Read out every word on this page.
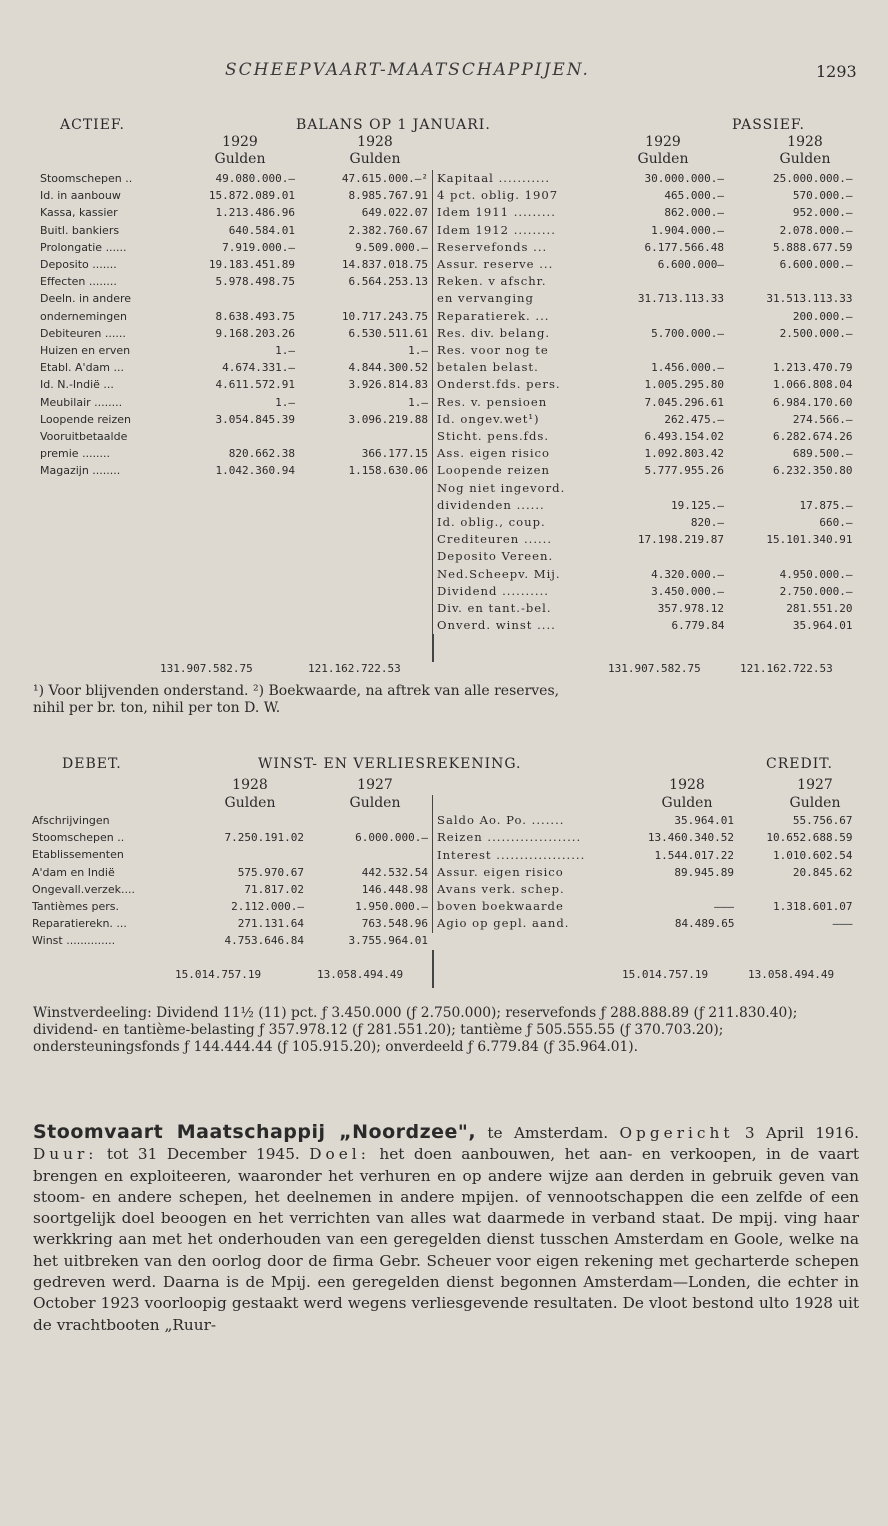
SCHEEPVAART-MAATSCHAPPIJEN.	1293
ACTIEF.	BALANS OP 1 JANUARI.	PASSIEF.
1929
Gulden
1928
Gulden
1929
Gulden
1928
Gulden
Stoomschepen ..	49.080.000.—	47.615.000.—²
Id. in aanbouw	15.872.089.01	8.985.767.91
Kassa, kassier	1.213.486.96	649.022.07
Buitl. bankiers	640.584.01	2.382.760.67
Prolongatie ......	7.919.000.—	9.509.000.—
Deposito .......	19.183.451.89	14.837.018.75
Effecten ........	5.978.498.75	6.564.253.13
Deeln. in andere		
ondernemingen	8.638.493.75	10.717.243.75
Debiteuren ......	9.168.203.26	6.530.511.61
Huizen en erven	1.—	1.—
Etabl. A'dam ...	4.674.331.—	4.844.300.52
Id. N.-Indië ...	4.611.572.91	3.926.814.83
Meubilair ........	1.—	1.—
Loopende reizen	3.054.845.39	3.096.219.88
Vooruitbetaalde		
premie ........	820.662.38	366.177.15
Magazijn ........	1.042.360.94	1.158.630.06
Kapitaal ...........	30.000.000.—	25.000.000.—
4 pct. oblig. 1907	465.000.—	570.000.—
Idem 1911 .........	862.000.—	952.000.—
Idem 1912 .........	1.904.000.—	2.078.000.—
Reservefonds ...	6.177.566.48	5.888.677.59
Assur. reserve ...	6.600.000—	6.600.000.—
Reken. v afschr.		
en vervanging	31.713.113.33	31.513.113.33
Reparatierek. ...		200.000.—
Res. div. belang.	5.700.000.—	2.500.000.—
Res. voor nog te		
betalen belast.	1.456.000.—	1.213.470.79
Onderst.fds. pers.	1.005.295.80	1.066.808.04
Res. v. pensioen	7.045.296.61	6.984.170.60
Id. ongev.wet¹)	262.475.—	274.566.—
Sticht. pens.fds.	6.493.154.02	6.282.674.26
Ass. eigen risico	1.092.803.42	689.500.—
Loopende reizen	5.777.955.26	6.232.350.80
Nog niet ingevord.		
dividenden ......	19.125.—	17.875.—
Id. oblig., coup.	820.—	660.—
Crediteuren ......	17.198.219.87	15.101.340.91
Deposito Vereen.		
Ned.Scheepv. Mij.	4.320.000.—	4.950.000.—
Dividend ..........	3.450.000.—	2.750.000.—
Div. en tant.-bel.	357.978.12	281.551.20
Onverd. winst ....	6.779.84	35.964.01
131.907.582.75	121.162.722.53	131.907.582.75	121.162.722.53
¹) Voor blijvenden onderstand. ²) Boekwaarde, na aftrek van alle reserves,
nihil per br. ton, nihil per ton D. W.
DEBET.	WINST- EN VERLIESREKENING.	CREDIT.
1928
Gulden
1927
Gulden
1928
Gulden
1927
Gulden
Afschrijvingen		
Stoomschepen ..	7.250.191.02	6.000.000.—
Etablissementen		
A'dam en Indië	575.970.67	442.532.54
Ongevall.verzek....	71.817.02	146.448.98
Tantièmes pers.	2.112.000.—	1.950.000.—
Reparatierekn. ...	271.131.64	763.548.96
Winst ..............	4.753.646.84	3.755.964.01

Saldo Ao. Po. .......	35.964.01	55.756.67
Reizen ....................	13.460.340.52	10.652.688.59
Interest ...................	1.544.017.22	1.010.602.54
Assur. eigen risico	89.945.89	20.845.62
Avans verk. schep.		
boven boekwaarde	———	1.318.601.07
Agio op gepl. aand.	84.489.65	———
15.014.757.19	13.058.494.49	15.014.757.19	13.058.494.49
Winstverdeeling: Dividend 11½ (11) pct. ƒ 3.450.000 (ƒ 2.750.000); reservefonds ƒ 288.888.89 (ƒ 211.830.40); dividend- en tantième-belasting ƒ 357.978.12 (ƒ 281.551.20); tantième ƒ 505.555.55 (ƒ 370.703.20); ondersteuningsfonds ƒ 144.444.44 (ƒ 105.915.20); onverdeeld ƒ 6.779.84 (ƒ 35.964.01).
Stoomvaart Maatschappij „Noordzee", te Amsterdam. Opgericht 3 April 1916. Duur: tot 31 December 1945. Doel: het doen aanbouwen, het aan- en verkoopen, in de vaart brengen en exploiteeren, waaronder het verhuren en op andere wijze aan derden in gebruik geven van stoom- en andere schepen, het deelnemen in andere mpijen. of vennootschappen die een zelfde of een soortgelijk doel beoogen en het verrichten van alles wat daarmede in verband staat. De mpij. ving haar werkkring aan met het onderhouden van een geregelden dienst tusschen Amsterdam en Goole, welke na het uitbreken van den oorlog door de firma Gebr. Scheuer voor eigen rekening met gecharterde schepen gedreven werd. Daarna is de Mpij. een geregelden dienst begonnen Amsterdam—Londen, die echter in October 1923 voorloopig gestaakt werd wegens verliesgevende resultaten. De vloot bestond ulto 1928 uit de vrachtbooten „Ruur-
